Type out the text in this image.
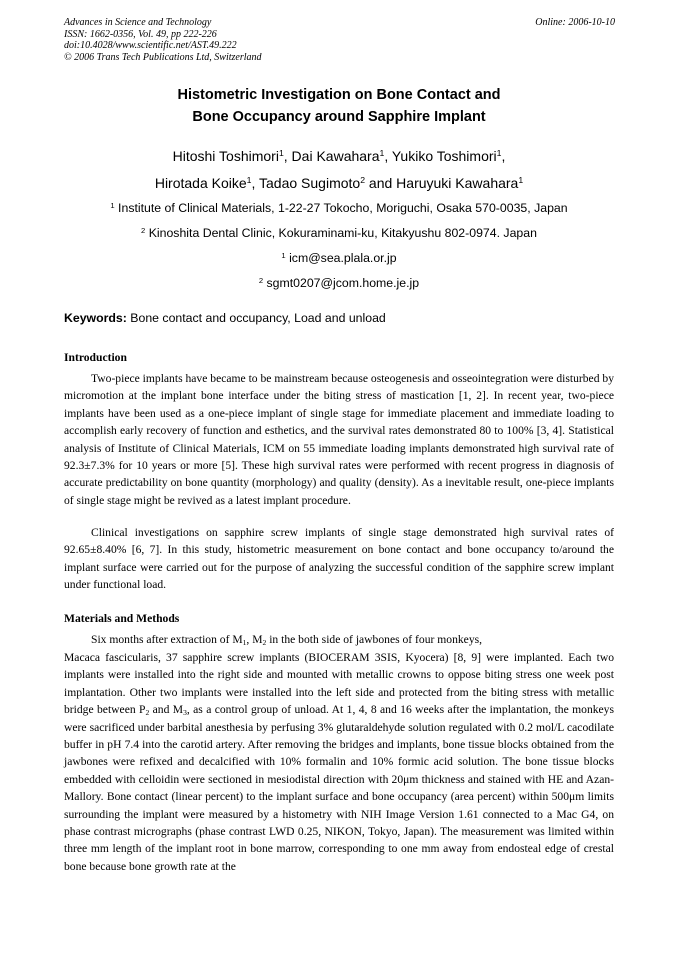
Advances in Science and Technology
ISSN: 1662-0356, Vol. 49, pp 222-226
doi:10.4028/www.scientific.net/AST.49.222
© 2006 Trans Tech Publications Ltd, Switzerland
Online: 2006-10-10
Histometric Investigation on Bone Contact and
Bone Occupancy around Sapphire Implant
Hitoshi Toshimori$^1$, Dai Kawahara$^1$, Yukiko Toshimori$^1$,
Hirotada Koike$^1$, Tadao Sugimoto$^2$ and Haruyuki Kawahara$^1$
$^1$ Institute of Clinical Materials, 1-22-27 Tokocho, Moriguchi, Osaka 570-0035, Japan
$^2$ Kinoshita Dental Clinic, Kokuraminami-ku, Kitakyushu 802-0974. Japan
$^1$ icm@sea.plala.or.jp
$^2$ sgmt0207@jcom.home.je.jp
Keywords: Bone contact and occupancy, Load and unload
Introduction
Two-piece implants have became to be mainstream because osteogenesis and osseointegration were disturbed by micromotion at the implant bone interface under the biting stress of mastication [1, 2]. In recent year, two-piece implants have been used as a one-piece implant of single stage for immediate placement and immediate loading to accomplish early recovery of function and esthetics, and the survival rates demonstrated 80 to 100% [3, 4]. Statistical analysis of Institute of Clinical Materials, ICM on 55 immediate loading implants demonstrated high survival rate of 92.3±7.3% for 10 years or more [5]. These high survival rates were performed with recent progress in diagnosis of accurate predictability on bone quantity (morphology) and quality (density). As a inevitable result, one-piece implants of single stage might be revived as a latest implant procedure.
Clinical investigations on sapphire screw implants of single stage demonstrated high survival rates of 92.65±8.40% [6, 7]. In this study, histometric measurement on bone contact and bone occupancy to/around the implant surface were carried out for the purpose of analyzing the successful condition of the sapphire screw implant under functional load.
Materials and Methods
Six months after extraction of $M_1$, $M_2$ in the both side of jawbones of four monkeys,
Macaca fascicularis, 37 sapphire screw implants (BIOCERAM 3SIS, Kyocera) [8, 9] were implanted. Each two implants were installed into the right side and mounted with metallic crowns to oppose biting stress one week post implantation. Other two implants were installed into the left side and protected from the biting stress with metallic bridge between $P_2$ and $M_3$, as a control group of unload. At 1, 4, 8 and 16 weeks after the implantation, the monkeys were sacrificed under barbital anesthesia by perfusing 3% glutaraldehyde solution regulated with 0.2 mol/L cacodilate buffer in pH 7.4 into the carotid artery. After removing the bridges and implants, bone tissue blocks obtained from the jawbones were refixed and decalcified with 10% formalin and 10% formic acid solution. The bone tissue blocks embedded with celloidin were sectioned in mesiodistal direction with 20μm thickness and stained with HE and Azan-Mallory. Bone contact (linear percent) to the implant surface and bone occupancy (area percent) within 500μm limits surrounding the implant were measured by a histometry with NIH Image Version 1.61 connected to a Mac G4, on phase contrast micrographs (phase contrast LWD 0.25, NIKON, Tokyo, Japan). The measurement was limited within three mm length of the implant root in bone marrow, corresponding to one mm away from endosteal edge of crestal bone because bone growth rate at the
